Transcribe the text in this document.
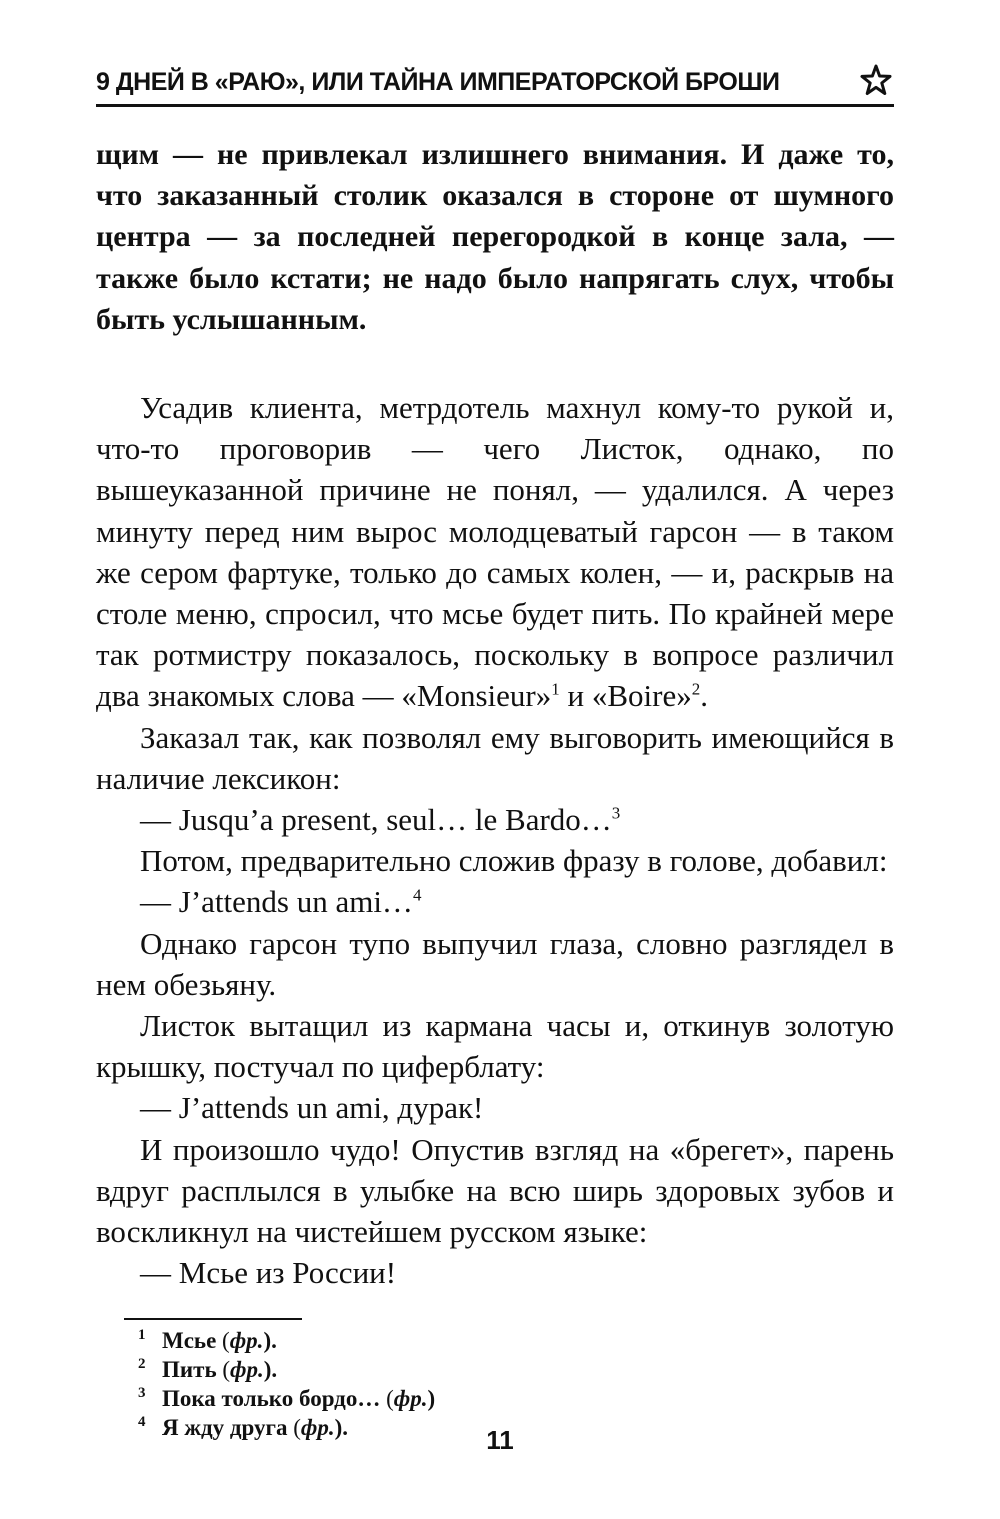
9 ДНЕЙ В «РАЮ», ИЛИ ТАЙНА ИМПЕРАТОРСКОЙ БРОШИ

щим — не привлекал излишнего внимания. И даже то, что заказанный столик оказался в стороне от шумного центра — за последней перегородкой в конце зала, — также было кстати; не надо было напрягать слух, чтобы быть услышанным.

Усадив клиента, метрдотель махнул кому-то рукой и, что-то проговорив — чего Листок, однако, по вышеуказанной причине не понял, — удалился. А через минуту перед ним вырос молодцеватый гарсон — в таком же сером фартуке, только до самых колен, — и, раскрыв на столе меню, спросил, что мсье будет пить. По крайней мере так ротмистру показалось, поскольку в вопросе различил два знакомых слова — «Monsieur»$^1$ и «Boire»$^2$.

Заказал так, как позволял ему выговорить имеющийся в наличие лексикон:

— Jusqu’a present, seul… le Bardo…$^3$

Потом, предварительно сложив фразу в голове, добавил:

— J’attends un ami…$^4$

Однако гарсон тупо выпучил глаза, словно разглядел в нем обезьяну.

Листок вытащил из кармана часы и, откинув золотую крышку, постучал по циферблату:

— J’attends un ami, дурак!

И произошло чудо! Опустив взгляд на «брегет», парень вдруг расплылся в улыбке на всю ширь здоровых зубов и воскликнул на чистейшем русском языке:

— Мсье из России!

1 Мсье (фр.).
2 Пить (фр.).
3 Пока только бордо… (фр.)
4 Я жду друга (фр.).	11
